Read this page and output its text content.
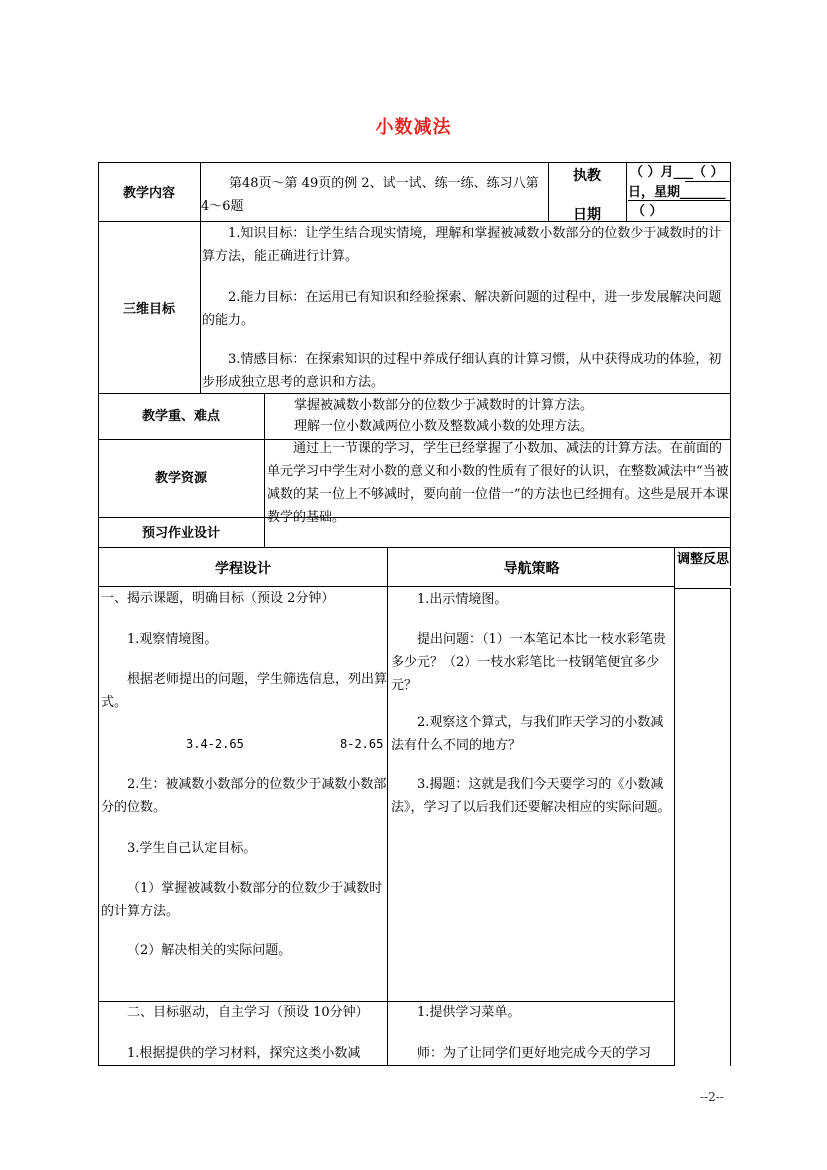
小数减法
教学内容
第48页～第 49页的例 2、试一试、练一练、练习八第 4～6题
执教
日期
（ ）月___（ ）
日，星期_______
（ ）
三维目标
1.知识目标：让学生结合现实情境，理解和掌握被减数小数部分的位数少于减数时的计算方法，能正确进行计算。
2.能力目标：在运用已有知识和经验探索、解决新问题的过程中，进一步发展解决问题的能力。
3.情感目标：在探索知识的过程中养成仔细认真的计算习惯，从中获得成功的体验，初步形成独立思考的意识和方法。
教学重、难点
掌握被减数小数部分的位数少于减数时的计算方法。
理解一位小数减两位小数及整数减小数的处理方法。
教学资源
通过上一节课的学习，学生已经掌握了小数加、减法的计算方法。在前面的单元学习中学生对小数的意义和小数的性质有了很好的认识，在整数减法中“当被减数的某一位上不够减时，要向前一位借一”的方法也已经拥有。这些是展开本课教学的基础。
预习作业设计
学程设计	导航策略
调整反思
一、揭示课题，明确目标（预设 2分钟）
1.观察情境图。
根据老师提出的问题，学生筛选信息，列出算式。
3.4-2.65	8-2.65
2.生：被减数小数部分的位数少于减数小数部分的位数。
3.学生自己认定目标。
（1）掌握被减数小数部分的位数少于减数时的计算方法。
（2）解决相关的实际问题。
1.出示情境图。
提出问题：（1）一本笔记本比一枝水彩笔贵多少元？（2）一枝水彩笔比一枝钢笔便宜多少元？
2.观察这个算式，与我们昨天学习的小数减法有什么不同的地方？
3.揭题：这就是我们今天要学习的《小数减法》，学习了以后我们还要解决相应的实际问题。
二、目标驱动，自主学习（预设 10分钟）
1.根据提供的学习材料，探究这类小数减
1.提供学习菜单。
师：为了让同学们更好地完成今天的学习
--2--
